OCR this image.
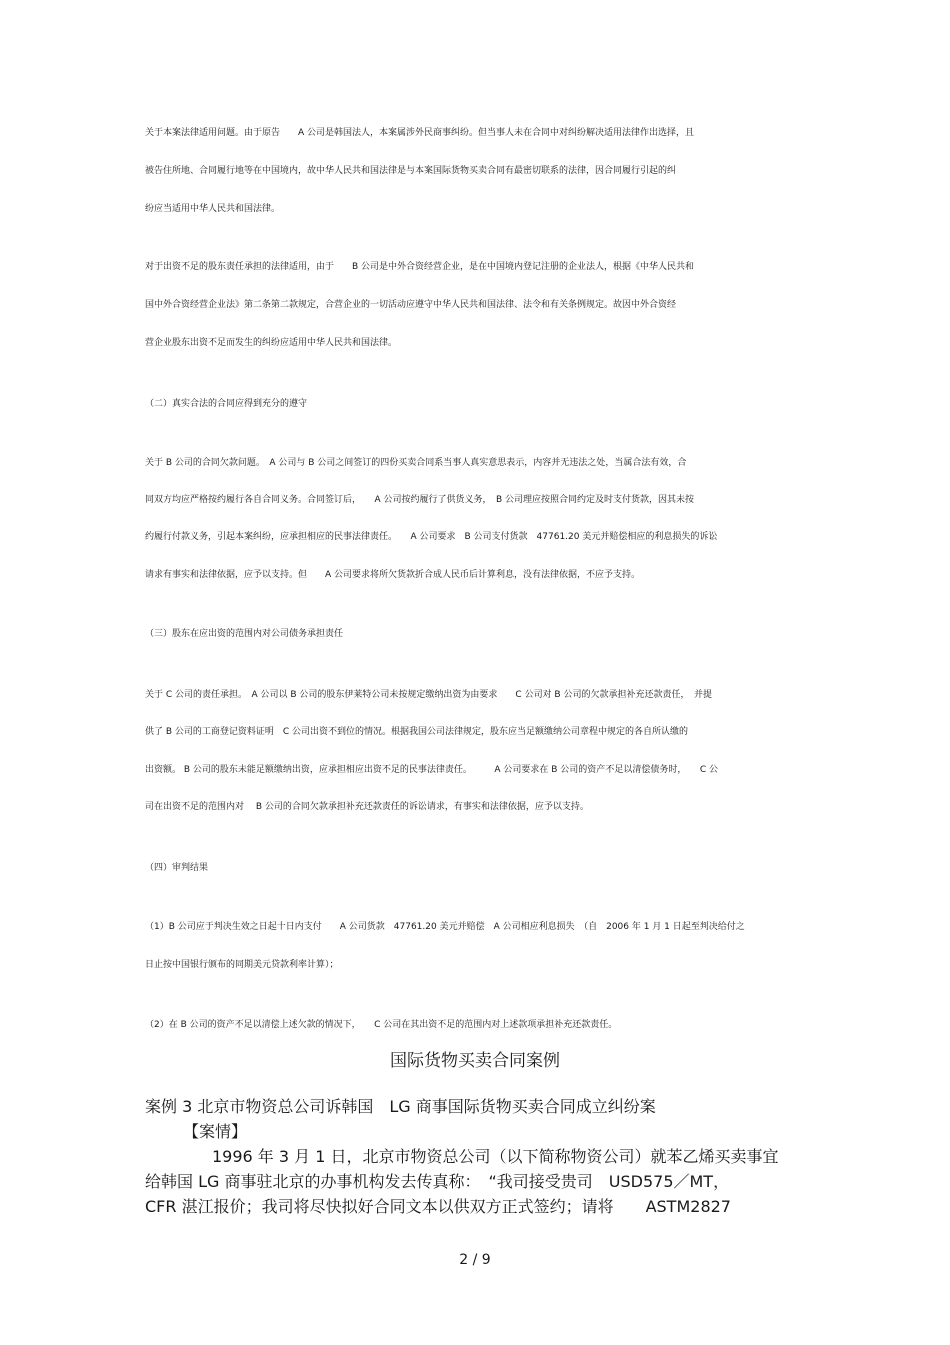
关于本案法律适用问题。由于原告　　A 公司是韩国法人，本案属涉外民商事纠纷。但当事人未在合同中对纠纷解决适用法律作出选择，且
被告住所地、合同履行地等在中国境内，故中华人民共和国法律是与本案国际货物买卖合同有最密切联系的法律，因合同履行引起的纠
纷应当适用中华人民共和国法律。
对于出资不足的股东责任承担的法律适用，由于　　B 公司是中外合资经营企业，是在中国境内登记注册的企业法人，根据《中华人民共和
国中外合资经营企业法》第二条第二款规定，合营企业的一切活动应遵守中华人民共和国法律、法令和有关条例规定。故因中外合资经
营企业股东出资不足而发生的纠纷应适用中华人民共和国法律。
（二）真实合法的合同应得到充分的遵守
关于 B 公司的合同欠款问题。　A 公司与 B 公司之间签订的四份买卖合同系当事人真实意思表示，内容并无违法之处，当属合法有效，合
同双方均应严格按约履行各自合同义务。合同签订后，　　A 公司按约履行了供货义务，　B 公司理应按照合同约定及时支付货款，因其未按
约履行付款义务，引起本案纠纷，应承担相应的民事法律责任。　　A 公司要求　B 公司支付货款　47761.20 美元并赔偿相应的利息损失的诉讼
请求有事实和法律依据，应予以支持。但　　A 公司要求将所欠货款折合成人民币后计算利息，没有法律依据，不应予支持。
（三）股东在应出资的范围内对公司债务承担责任
关于 C 公司的责任承担。　A 公司以 B 公司的股东伊莱特公司未按规定缴纳出资为由要求　　C 公司对 B 公司的欠款承担补充还款责任，　并提
供了 B 公司的工商登记资料证明　C 公司出资不到位的情况。根据我国公司法律规定，股东应当足额缴纳公司章程中规定的各自所认缴的
出资额。 B 公司的股东未能足额缴纳出资，应承担相应出资不足的民事法律责任。　　　A 公司要求在 B 公司的资产不足以清偿债务时，　　C 公
司在出资不足的范围内对　 B 公司的合同欠款承担补充还款责任的诉讼请求，有事实和法律依据，应予以支持。
（四）审判结果
（1）B 公司应于判决生效之日起十日内支付　　A 公司货款　47761.20 美元并赔偿　A 公司相应利息损失　（自　2006 年 1 月 1 日起至判决给付之
日止按中国银行颁布的同期美元贷款利率计算）；
（2）在 B 公司的资产不足以清偿上述欠款的情况下，　　C 公司在其出资不足的范围内对上述款项承担补充还款责任。
国际货物买卖合同案例
案例 3 北京市物资总公司诉韩国　LG 商事国际货物买卖合同成立纠纷案
【案情】
1996 年 3 月 1 日，北京市物资总公司（以下简称物资公司）就苯乙烯买卖事宜
给韩国 LG 商事驻北京的办事机构发去传真称：　“我司接受贵司　USD575／MT，
CFR 湛江报价；我司将尽快拟好合同文本以供双方正式签约；请将　　ASTM2827
2 / 9
